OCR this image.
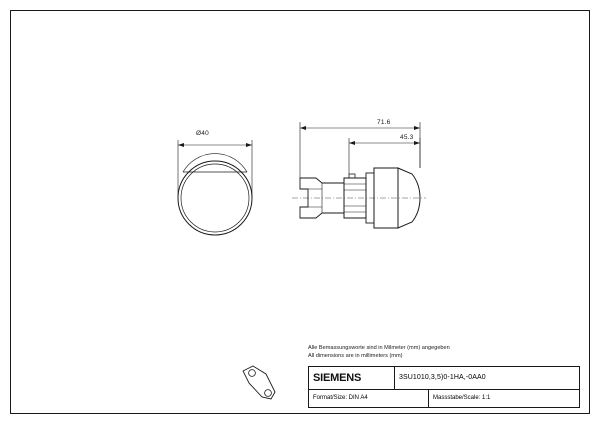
Ø40
71.6
45.3
Alle Bemassungsworte sind in Milmeter (mm) angegeben
All dimensions are in millimeters (mm)
SIEMENS	3SU1010,3,5)0-1HA,-0AA0
Format/Size: DIN A4	Massstabe/Scale: 1:1
